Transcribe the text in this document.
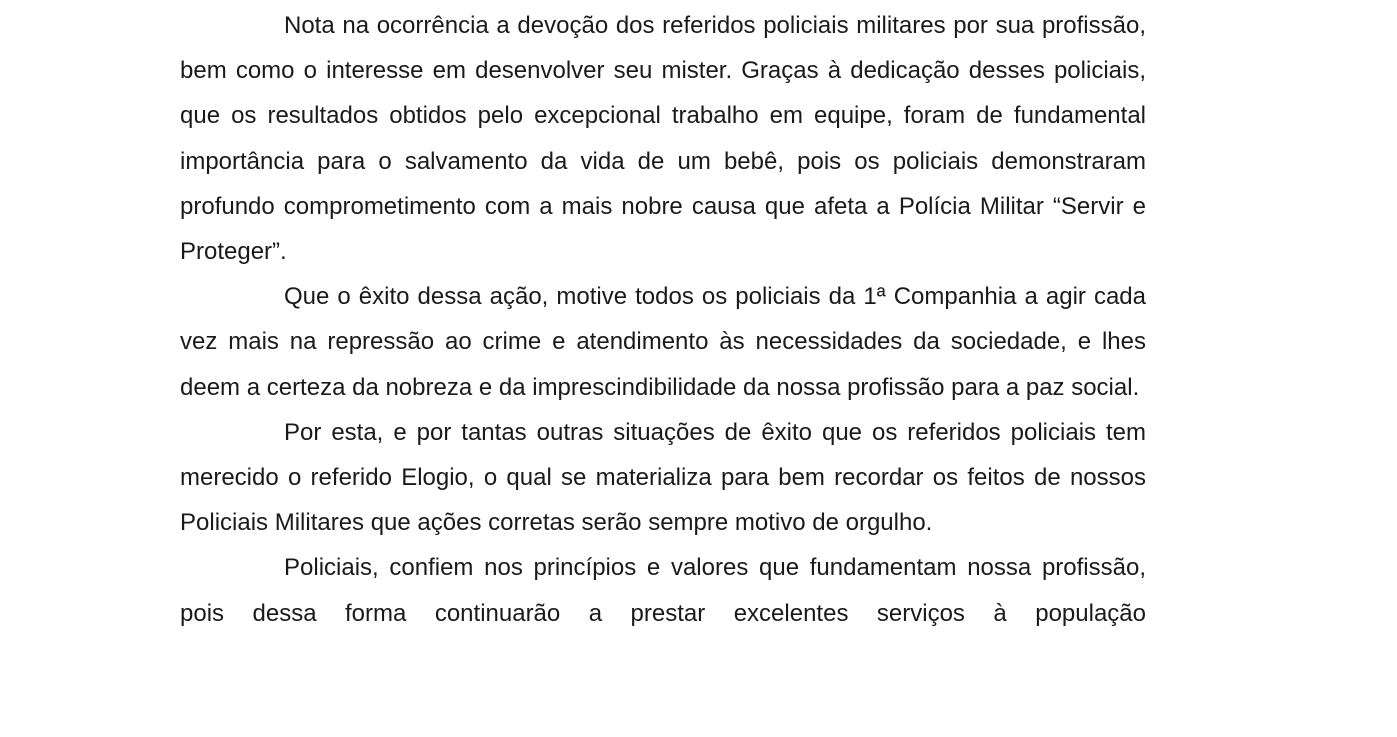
Nota na ocorrência a devoção dos referidos policiais militares por sua profissão, bem como o interesse em desenvolver seu mister. Graças à dedicação desses policiais, que os resultados obtidos pelo excepcional trabalho em equipe, foram de fundamental importância para o salvamento da vida de um bebê, pois os policiais demonstraram profundo comprometimento com a mais nobre causa que afeta a Polícia Militar “Servir e Proteger”.

Que o êxito dessa ação, motive todos os policiais da 1ª Companhia a agir cada vez mais na repressão ao crime e atendimento às necessidades da sociedade, e lhes deem a certeza da nobreza e da imprescindibilidade da nossa profissão para a paz social.

Por esta, e por tantas outras situações de êxito que os referidos policiais tem merecido o referido Elogio, o qual se materializa para bem recordar os feitos de nossos Policiais Militares que ações corretas serão sempre motivo de orgulho.

Policiais, confiem nos princípios e valores que fundamentam nossa profissão, pois dessa forma continuarão a prestar excelentes serviços à população
